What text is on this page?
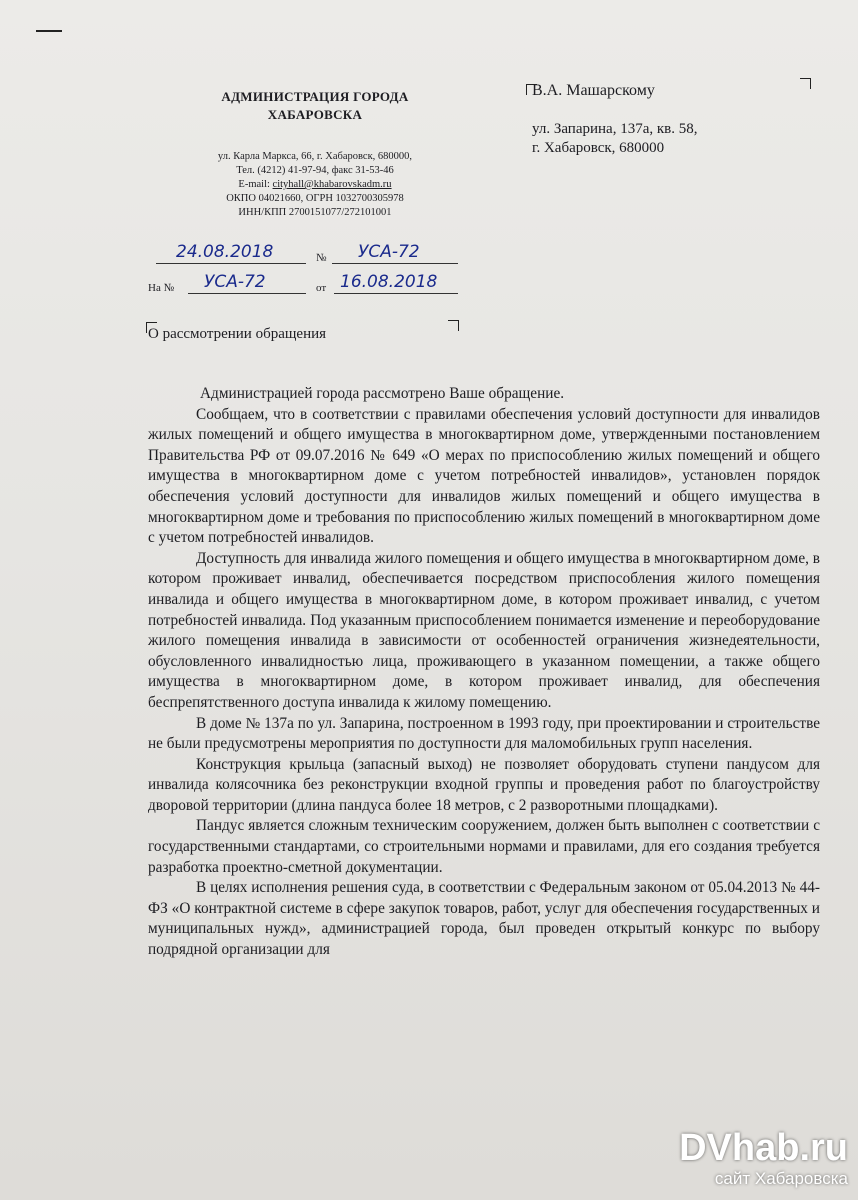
АДМИНИСТРАЦИЯ ГОРОДА
ХАБАРОВСКА
ул. Карла Маркса, 66, г. Хабаровск, 680000,
Тел. (4212) 41-97-94, факс 31-53-46
E-mail: cityhall@khabarovskadm.ru
ОКПО 04021660, ОГРН 1032700305978
ИНН/КПП 2700151077/272101001
В.А. Машарскому
ул. Запарина, 137а, кв. 58,
г. Хабаровск, 680000
24.08.2018	№ УСА-72
На № УСА-72	от 16.08.2018
О рассмотрении обращения

Администрацией города рассмотрено Ваше обращение.

Сообщаем, что в соответствии с правилами обеспечения условий доступности для инвалидов жилых помещений и общего имущества в многоквартирном доме, утвержденными постановлением Правительства РФ от 09.07.2016 № 649 «О мерах по приспособлению жилых помещений и общего имущества в многоквартирном доме с учетом потребностей инвалидов», установлен порядок обеспечения условий доступности для инвалидов жилых помещений и общего имущества в многоквартирном доме и требования по приспособлению жилых помещений в многоквартирном доме с учетом потребностей инвалидов.

Доступность для инвалида жилого помещения и общего имущества в многоквартирном доме, в котором проживает инвалид, обеспечивается посредством приспособления жилого помещения инвалида и общего имущества в многоквартирном доме, в котором проживает инвалид, с учетом потребностей инвалида. Под указанным приспособлением понимается изменение и переоборудование жилого помещения инвалида в зависимости от особенностей ограничения жизнедеятельности, обусловленного инвалидностью лица, проживающего в указанном помещении, а также общего имущества в многоквартирном доме, в котором проживает инвалид, для обеспечения беспрепятственного доступа инвалида к жилому помещению.

В доме № 137а по ул. Запарина, построенном в 1993 году, при проектировании и строительстве не были предусмотрены мероприятия по доступности для маломобильных групп населения.

Конструкция крыльца (запасный выход) не позволяет оборудовать ступени пандусом для инвалида колясочника без реконструкции входной группы и проведения работ по благоустройству дворовой территории (длина пандуса более 18 метров, с 2 разворотными площадками).

Пандус является сложным техническим сооружением, должен быть выполнен с соответствии с государственными стандартами, со строительными нормами и правилами, для его создания требуется разработка проектно-сметной документации.

В целях исполнения решения суда, в соответствии с Федеральным законом от 05.04.2013 № 44-ФЗ «О контрактной системе в сфере закупок товаров, работ, услуг для обеспечения государственных и муниципальных нужд», администрацией города, был проведен открытый конкурс по выбору подрядной организации для

DVhab.ru
сайт Хабаровска
